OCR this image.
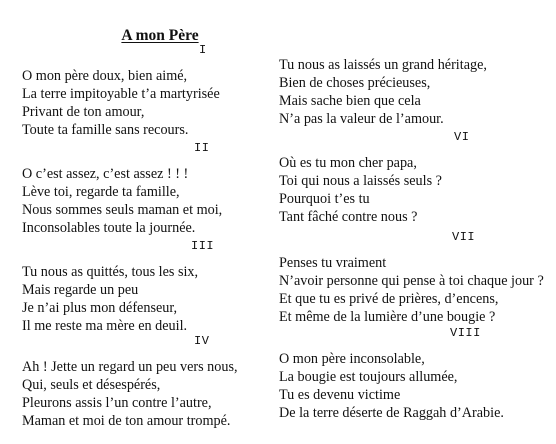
A mon Père
I
O mon père doux, bien aimé,
La terre impitoyable t’a martyrisée
Privant de ton amour,
Toute ta famille sans recours.
II
O c’est assez, c’est assez ! ! !
Lève toi, regarde ta famille,
Nous sommes seuls maman et moi,
Inconsolables toute la journée.
III
Tu nous as quittés, tous les six,
Mais regarde un peu
Je n’ai plus mon défenseur,
Il me reste ma mère en deuil.
IV
Ah ! Jette un regard un peu vers nous,
Qui, seuls et désespérés,
Pleurons assis l’un contre l’autre,
Maman et moi de ton amour trompé.
Tu nous as laissés un grand héritage,
Bien de choses précieuses,
Mais sache bien que cela
N’a pas la valeur de l’amour.
VI
Où es tu mon cher papa,
Toi qui nous a laissés seuls ?
Pourquoi t’es tu
Tant fâché contre nous ?
VII
Penses tu vraiment
N’avoir personne qui pense à toi chaque jour ?
Et que tu es privé de prières, d’encens,
Et même de la lumière d’une bougie ?
VIII
O mon père inconsolable,
La bougie est toujours allumée,
Tu es devenu victime
De la terre déserte de Raggah d’Arabie.
